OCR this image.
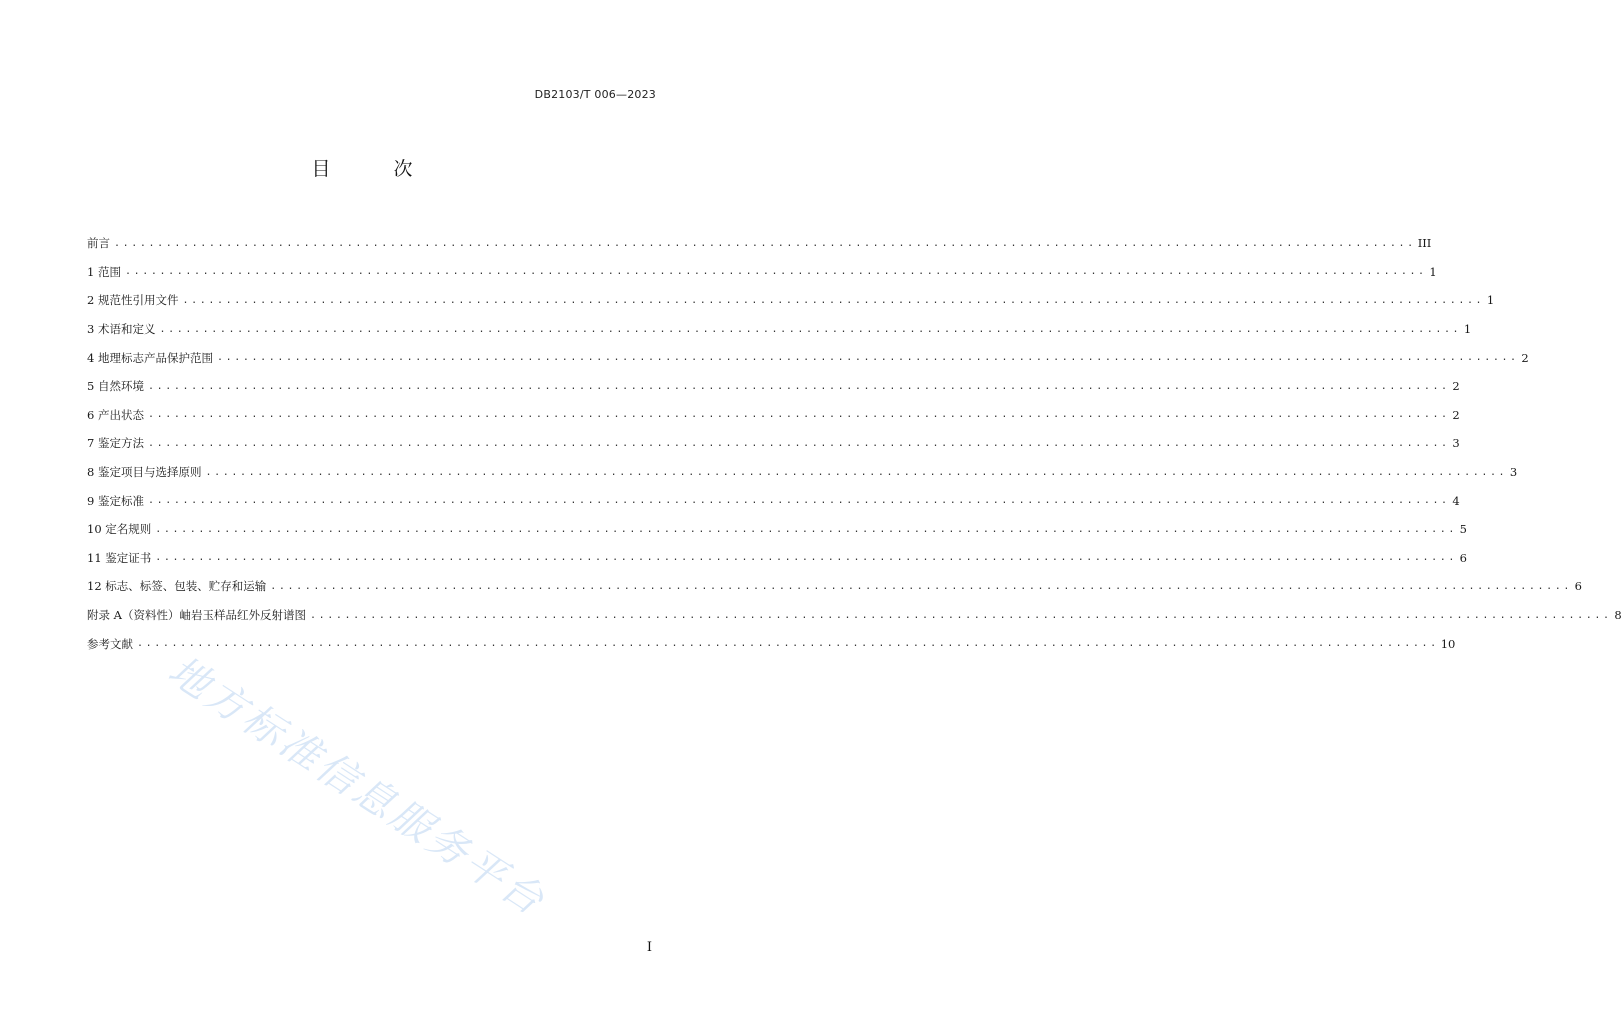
DB2103/T 006—2023
目　次
前言 .....	III
1 范围 .....	1
2 规范性引用文件 .....	1
3 术语和定义 .....	1
4 地理标志产品保护范围 .....	2
5 自然环境 .....	2
6 产出状态 .....	2
7 鉴定方法 .....	3
8 鉴定项目与选择原则 .....	3
9 鉴定标准 .....	4
10 定名规则 .....	5
11 鉴定证书 .....	6
12 标志、标签、包装、贮存和运输 .....	6
附录 A（资料性）岫岩玉样品红外反射谱图 .....	8
参考文献 .....	10
地方标准信息服务平台
I
